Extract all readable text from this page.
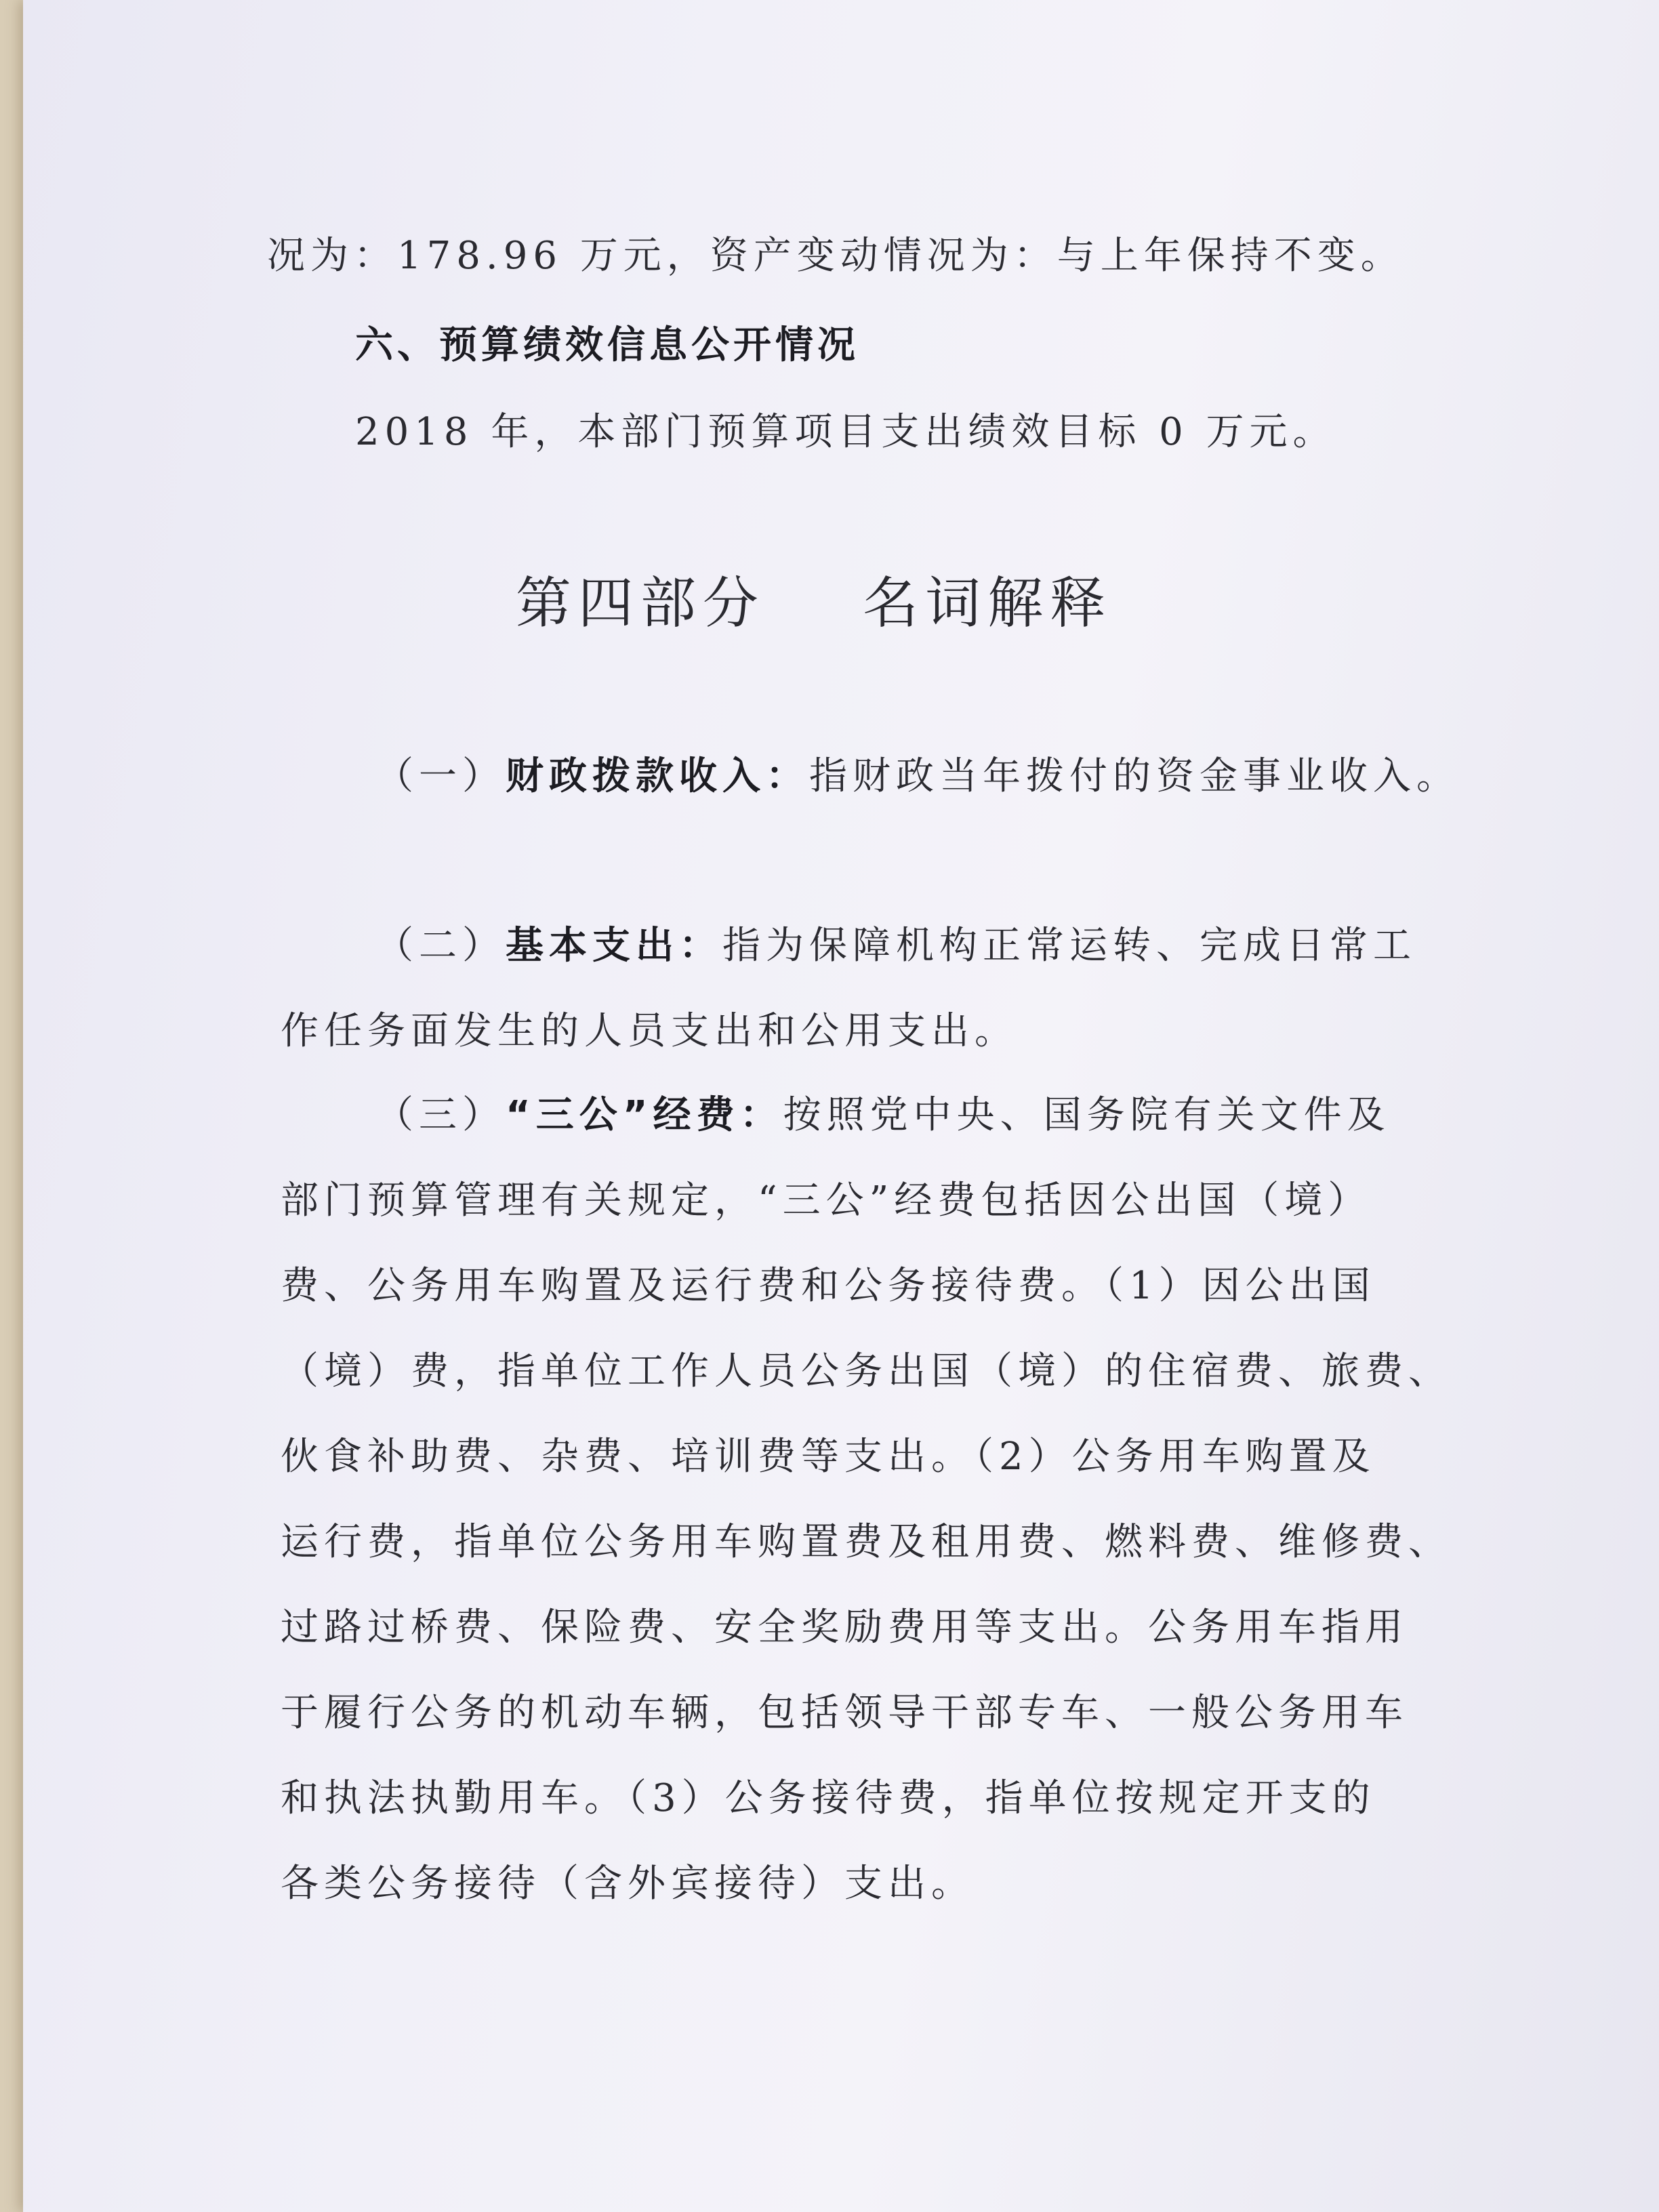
况为：178.96 万元，资产变动情况为：与上年保持不变。
六、预算绩效信息公开情况
2018 年，本部门预算项目支出绩效目标 0 万元。
第四部分    名词解释
（一）财政拨款收入：指财政当年拨付的资金事业收入。
（二）基本支出：指为保障机构正常运转、完成日常工
作任务面发生的人员支出和公用支出。
（三）“三公”经费：按照党中央、国务院有关文件及
部门预算管理有关规定，“三公”经费包括因公出国（境）
费、公务用车购置及运行费和公务接待费。（1）因公出国
（境）费，指单位工作人员公务出国（境）的住宿费、旅费、
伙食补助费、杂费、培训费等支出。（2）公务用车购置及
运行费，指单位公务用车购置费及租用费、燃料费、维修费、
过路过桥费、保险费、安全奖励费用等支出。公务用车指用
于履行公务的机动车辆，包括领导干部专车、一般公务用车
和执法执勤用车。（3）公务接待费，指单位按规定开支的
各类公务接待（含外宾接待）支出。
